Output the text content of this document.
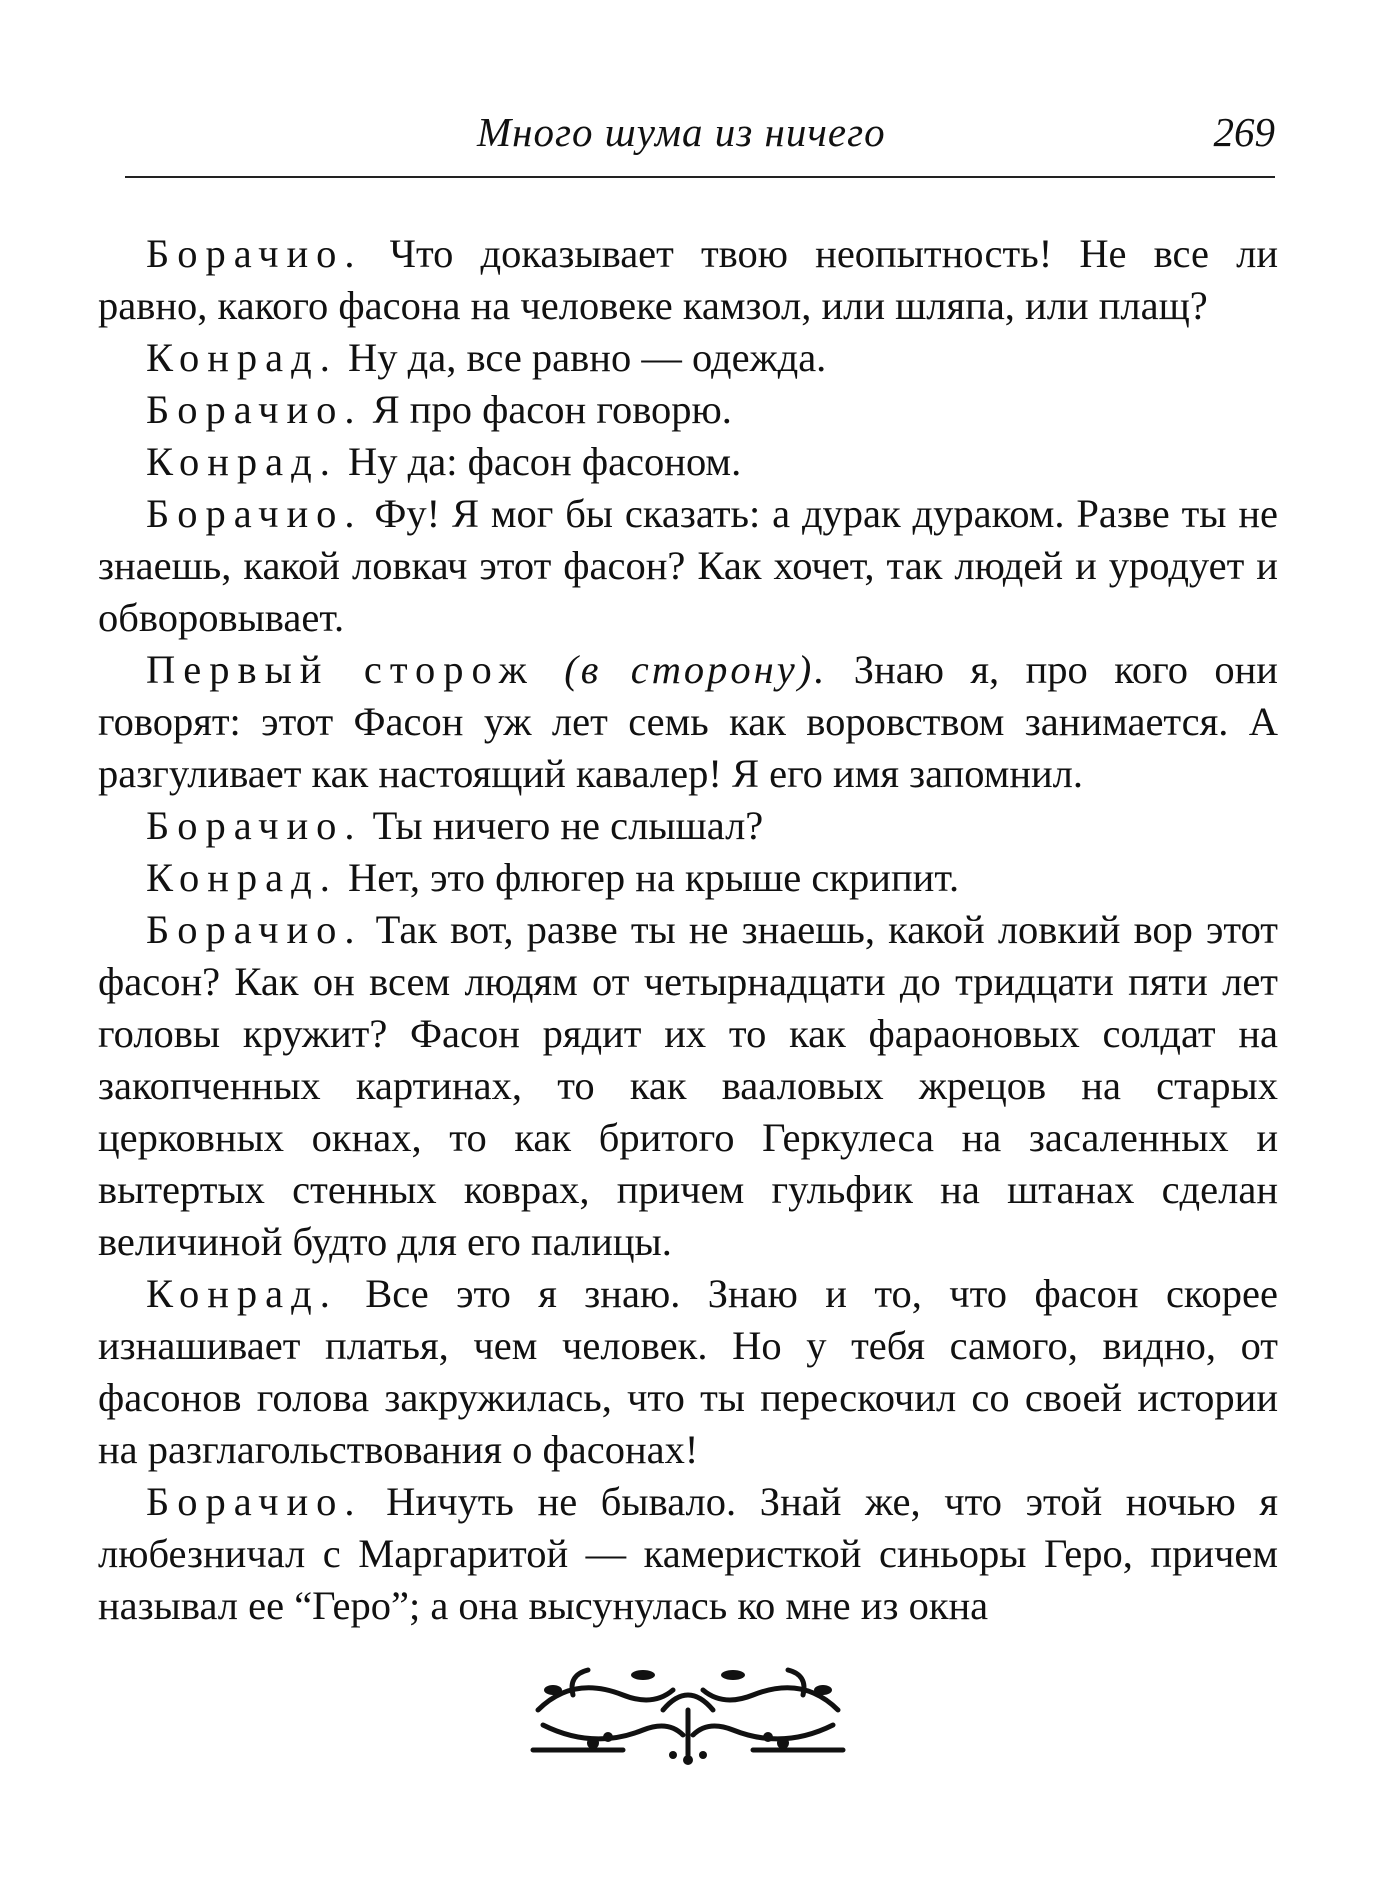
Много шума из ничего	269

Борачио. Что доказывает твою неопытность! Не все ли равно, какого фасона на человеке камзол, или шляпа, или плащ?

Конрад. Ну да, все равно — одежда.

Борачио. Я про фасон говорю.

Конрад. Ну да: фасон фасоном.

Борачио. Фу! Я мог бы сказать: а дурак дураком. Разве ты не знаешь, какой ловкач этот фасон? Как хочет, так людей и уродует и обворовывает.

Первый сторож (в сторону). Знаю я, про кого они говорят: этот Фасон уж лет семь как воровством занимается. А разгуливает как настоящий кавалер! Я его имя запомнил.

Борачио. Ты ничего не слышал?

Конрад. Нет, это флюгер на крыше скрипит.

Борачио. Так вот, разве ты не знаешь, какой ловкий вор этот фасон? Как он всем людям от четырнадцати до тридцати пяти лет головы кружит? Фасон рядит их то как фараоновых солдат на закопченных картинах, то как вааловых жрецов на старых церковных окнах, то как бритого Геркулеса на засаленных и вытертых стенных коврах, причем гульфик на штанах сделан величиной будто для его палицы.

Конрад. Все это я знаю. Знаю и то, что фасон скорее изнашивает платья, чем человек. Но у тебя самого, видно, от фасонов голова закружилась, что ты перескочил со своей истории на разглагольствования о фасонах!

Борачио. Ничуть не бывало. Знай же, что этой ночью я любезничал с Маргаритой — камеристкой синьоры Геро, причем называл ее “Геро”; а она высунулась ко мне из окна
